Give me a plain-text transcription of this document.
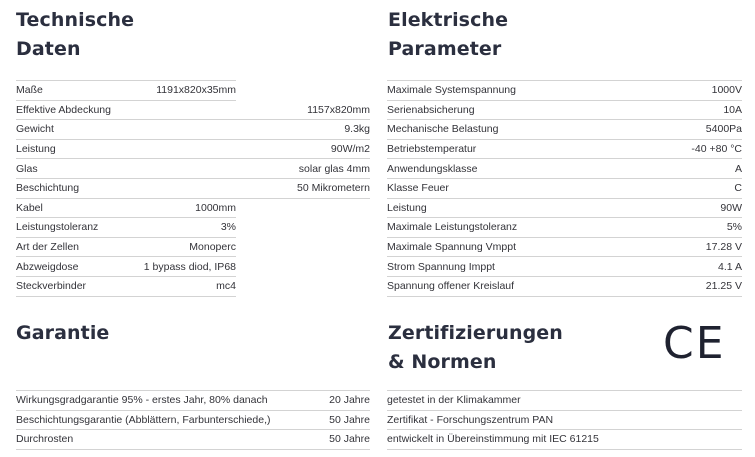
Technische
Daten
Maße	1191x820x35mm
Effektive Abdeckung	1157x820mm
Gewicht	9.3kg
Leistung	90W/m2
Glas	solar glas 4mm
Beschichtung	50 Mikrometern
Kabel	1000mm
Leistungstoleranz	3%
Art der Zellen	Monoperc
Abzweigdose	1 bypass diod, IP68
Steckverbinder	mc4
Elektrische
Parameter
Maximale Systemspannung	1000V
Serienabsicherung	10A
Mechanische Belastung	5400Pa
Betriebstemperatur	-40 +80 °C
Anwendungsklasse	A
Klasse Feuer	C
Leistung	90W
Maximale Leistungstoleranz	5%
Maximale Spannung Vmppt	17.28 V
Strom Spannung Imppt	4.1 A
Spannung offener Kreislauf	21.25 V
Garantie
Wirkungsgradgarantie 95% - erstes Jahr, 80% danach	20 Jahre
Beschichtungsgarantie (Abblättern, Farbunterschiede,)	50 Jahre
Durchrosten	50 Jahre
Zertifizierungen
& Normen	CE
getestet in der Klimakammer
Zertifikat - Forschungszentrum PAN
entwickelt in Übereinstimmung mit IEC 61215
